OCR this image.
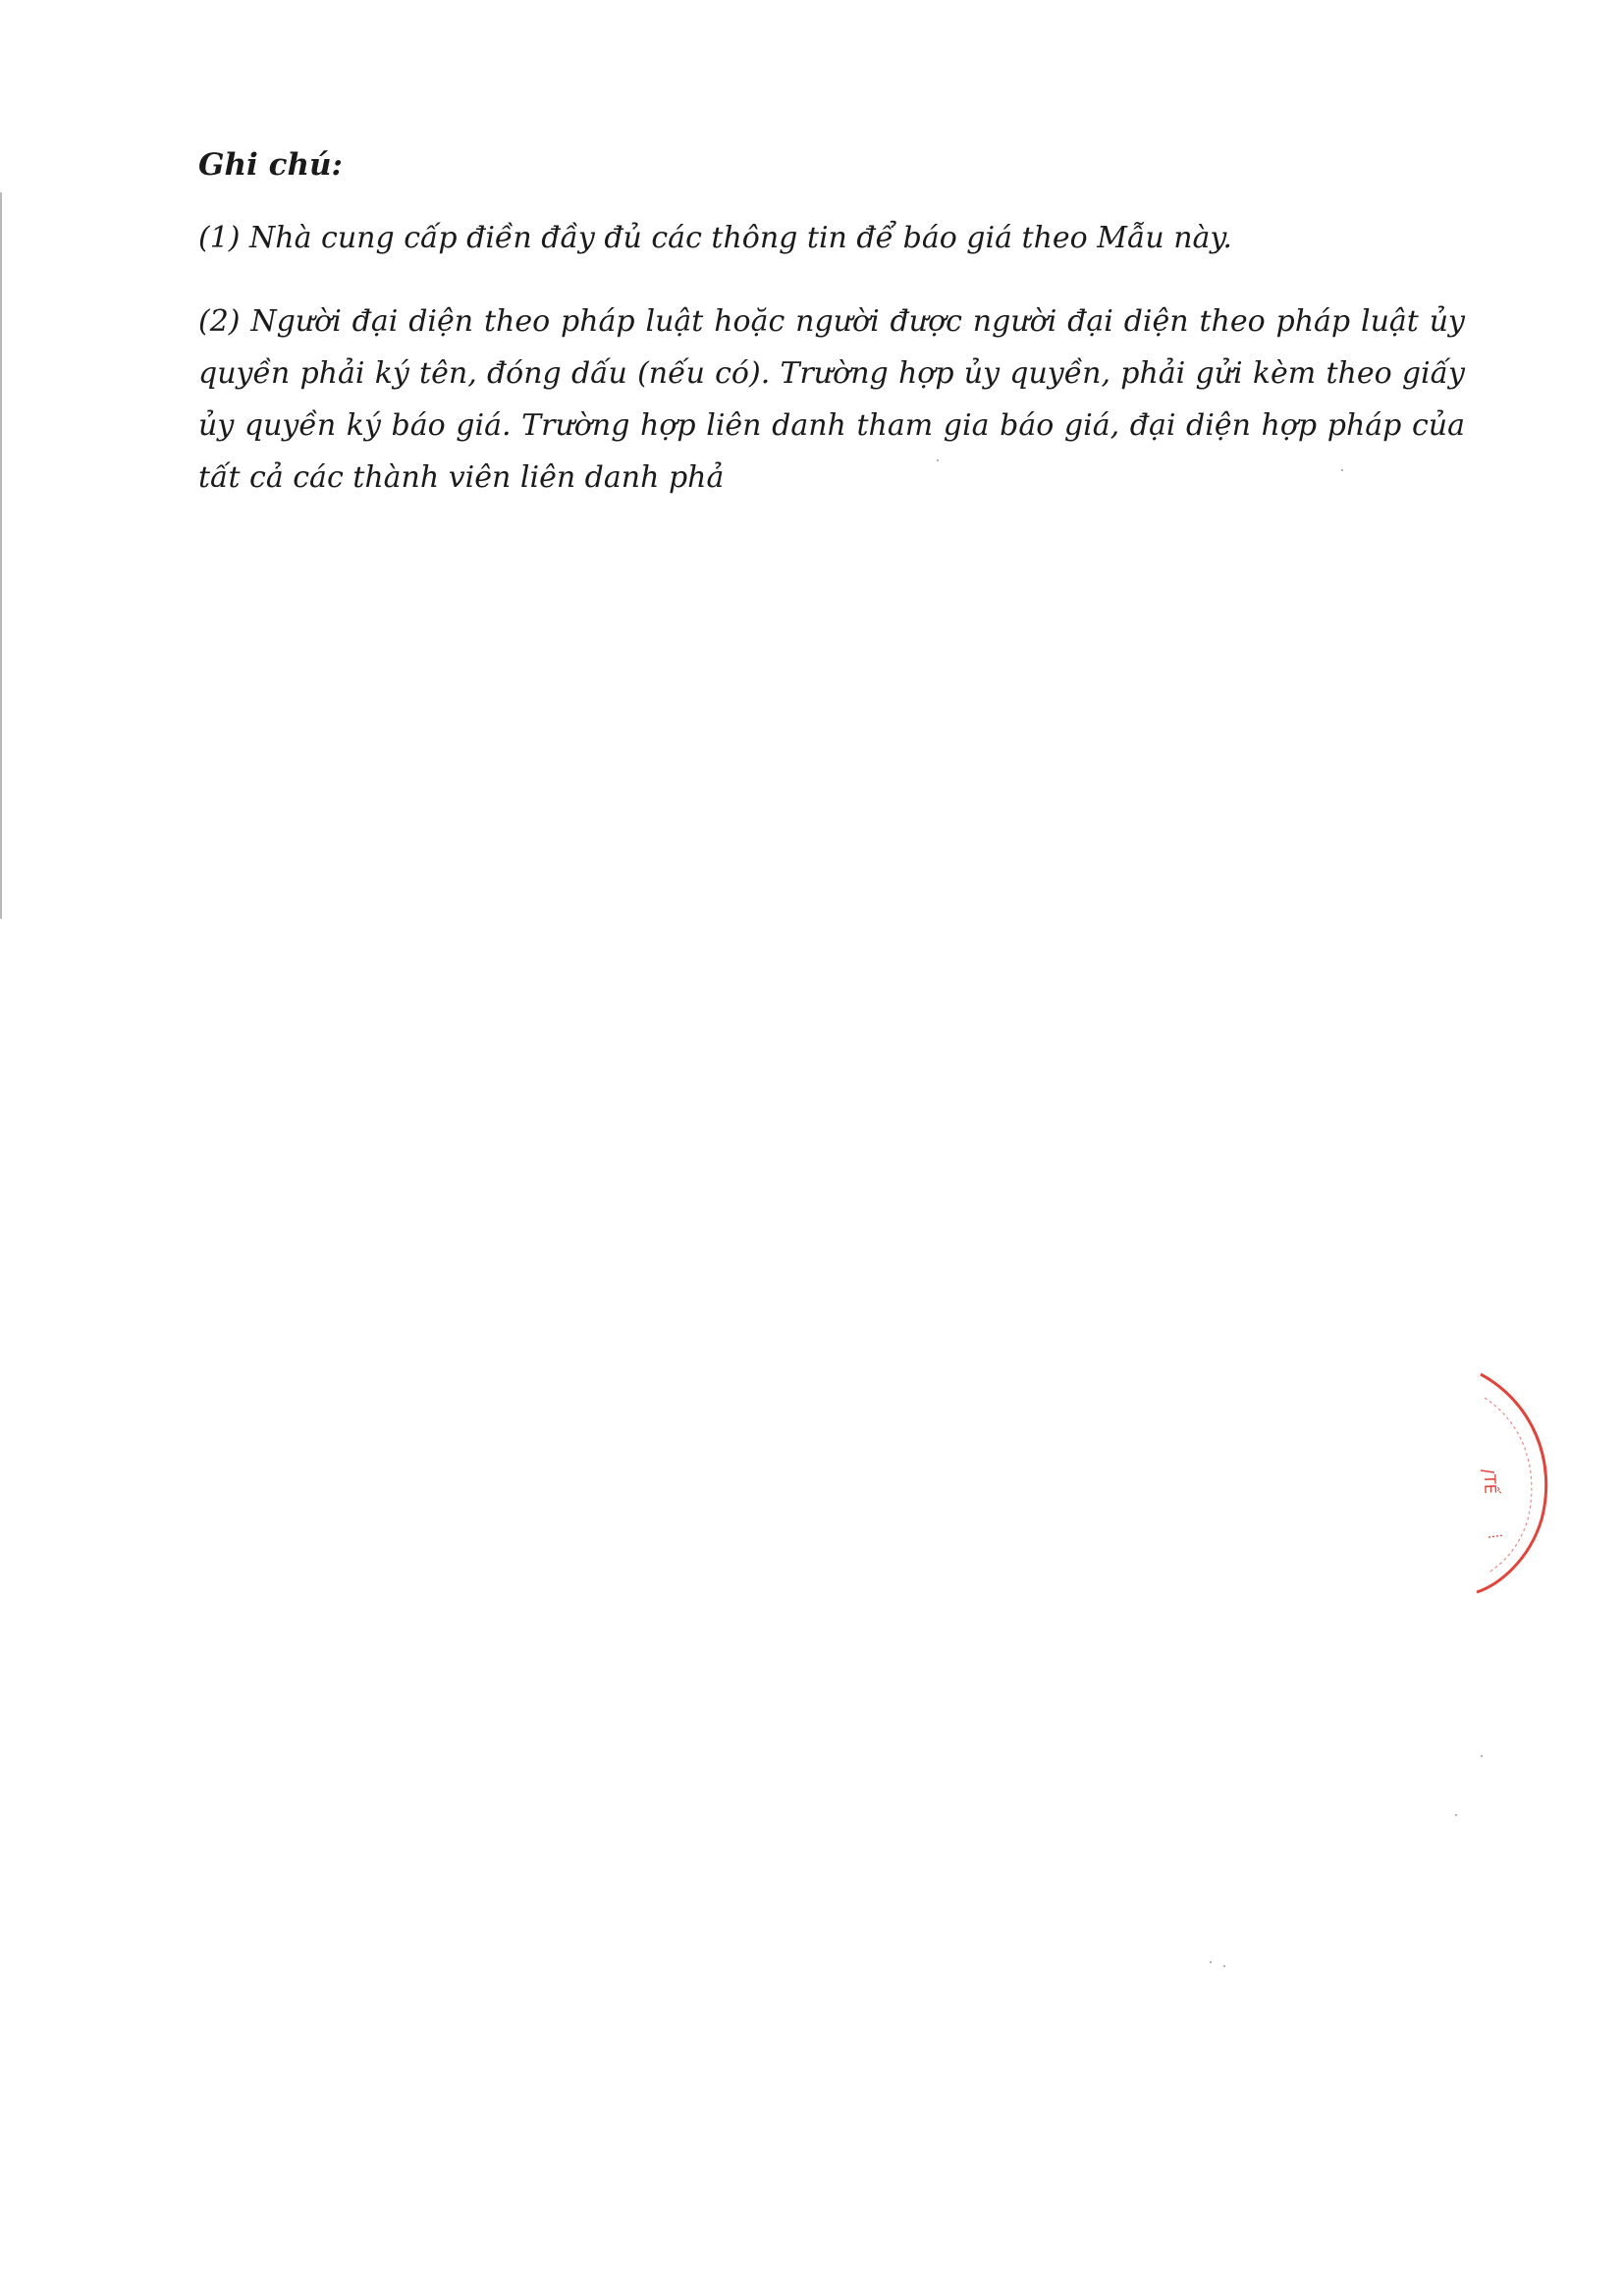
Ghi chú:
(1) Nhà cung cấp điền đầy đủ các thông tin để báo giá theo Mẫu này.
(2) Người đại diện theo pháp luật hoặc người được người đại diện theo pháp luật ủy quyền phải ký tên, đóng dấu (nếu có). Trường hợp ủy quyền, phải gửi kèm theo giấy ủy quyền ký báo giá. Trường hợp liên danh tham gia báo giá, đại diện hợp pháp của tất cả các thành viên liên danh phả
TẾ
